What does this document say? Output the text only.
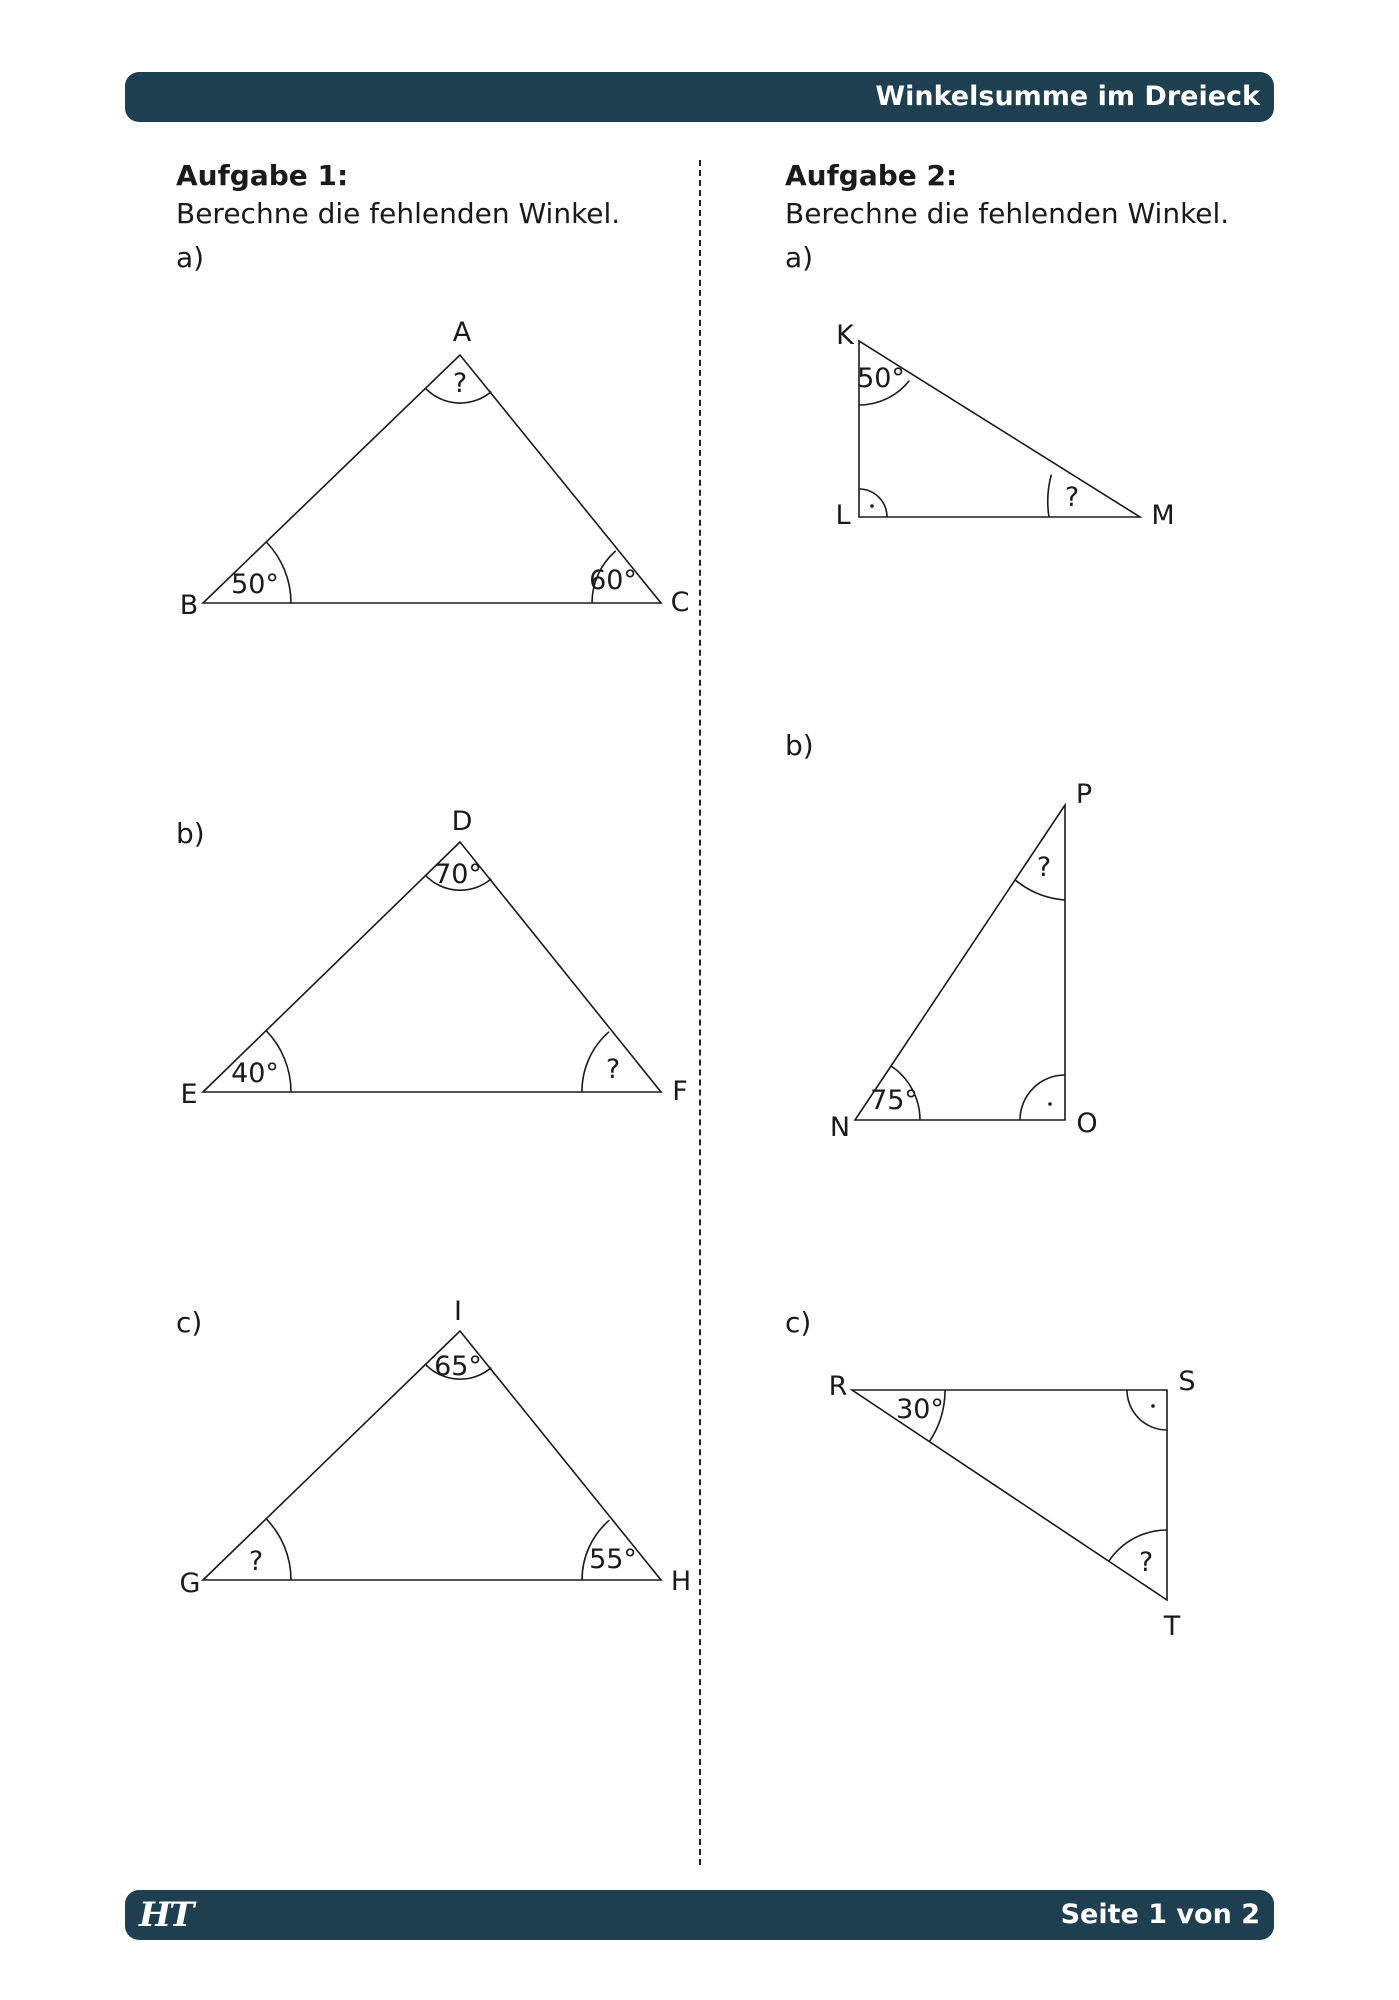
Winkelsumme im Dreieck
Aufgabe 1:
Berechne die fehlenden Winkel.
a)
b)
c)
Aufgabe 2:
Berechne die fehlenden Winkel.
a)
b)
c)
A
B	C
?
50°	60°
D
E	F
70°
40°	?
I
G	H
65°
?	55°
K
L	M
50°
?
P
N	O
?
75°
R	S
T
30°
?
HT	Seite 1 von 2
